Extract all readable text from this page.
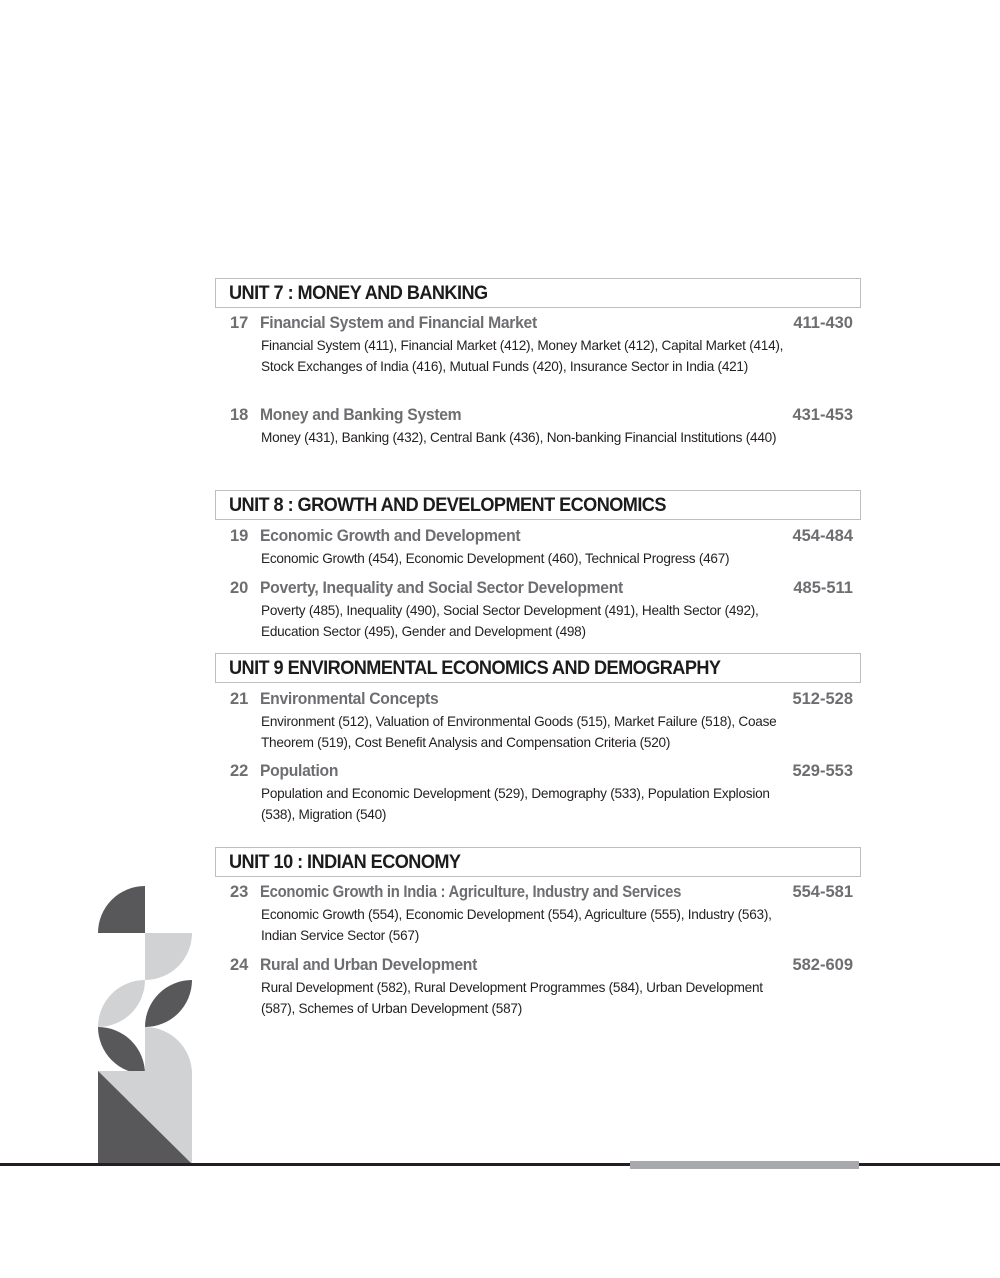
UNIT 7 : MONEY AND BANKING
17 Financial System and Financial Market	411-430
Financial System (411), Financial Market (412), Money Market (412), Capital Market (414), Stock Exchanges of India (416), Mutual Funds (420), Insurance Sector in India (421)
18 Money and Banking System	431-453
Money (431), Banking (432), Central Bank (436), Non-banking Financial Institutions (440)
UNIT 8 : GROWTH AND DEVELOPMENT ECONOMICS
19 Economic Growth and Development	454-484
Economic Growth (454), Economic Development (460), Technical Progress (467)
20 Poverty, Inequality and Social Sector Development	485-511
Poverty (485), Inequality (490), Social Sector Development (491), Health Sector (492), Education Sector (495), Gender and Development (498)
UNIT 9 ENVIRONMENTAL ECONOMICS AND DEMOGRAPHY
21 Environmental Concepts	512-528
Environment (512), Valuation of Environmental Goods (515), Market Failure (518), Coase Theorem (519), Cost Benefit Analysis and Compensation Criteria (520)
22 Population	529-553
Population and Economic Development (529), Demography (533), Population Explosion (538), Migration (540)
UNIT 10 : INDIAN ECONOMY
23 Economic Growth in India : Agriculture, Industry and Services	554-581
Economic Growth (554), Economic Development (554), Agriculture (555), Industry (563), Indian Service Sector (567)
24 Rural and Urban Development	582-609
Rural Development (582), Rural Development Programmes (584), Urban Development (587), Schemes of Urban Development (587)
